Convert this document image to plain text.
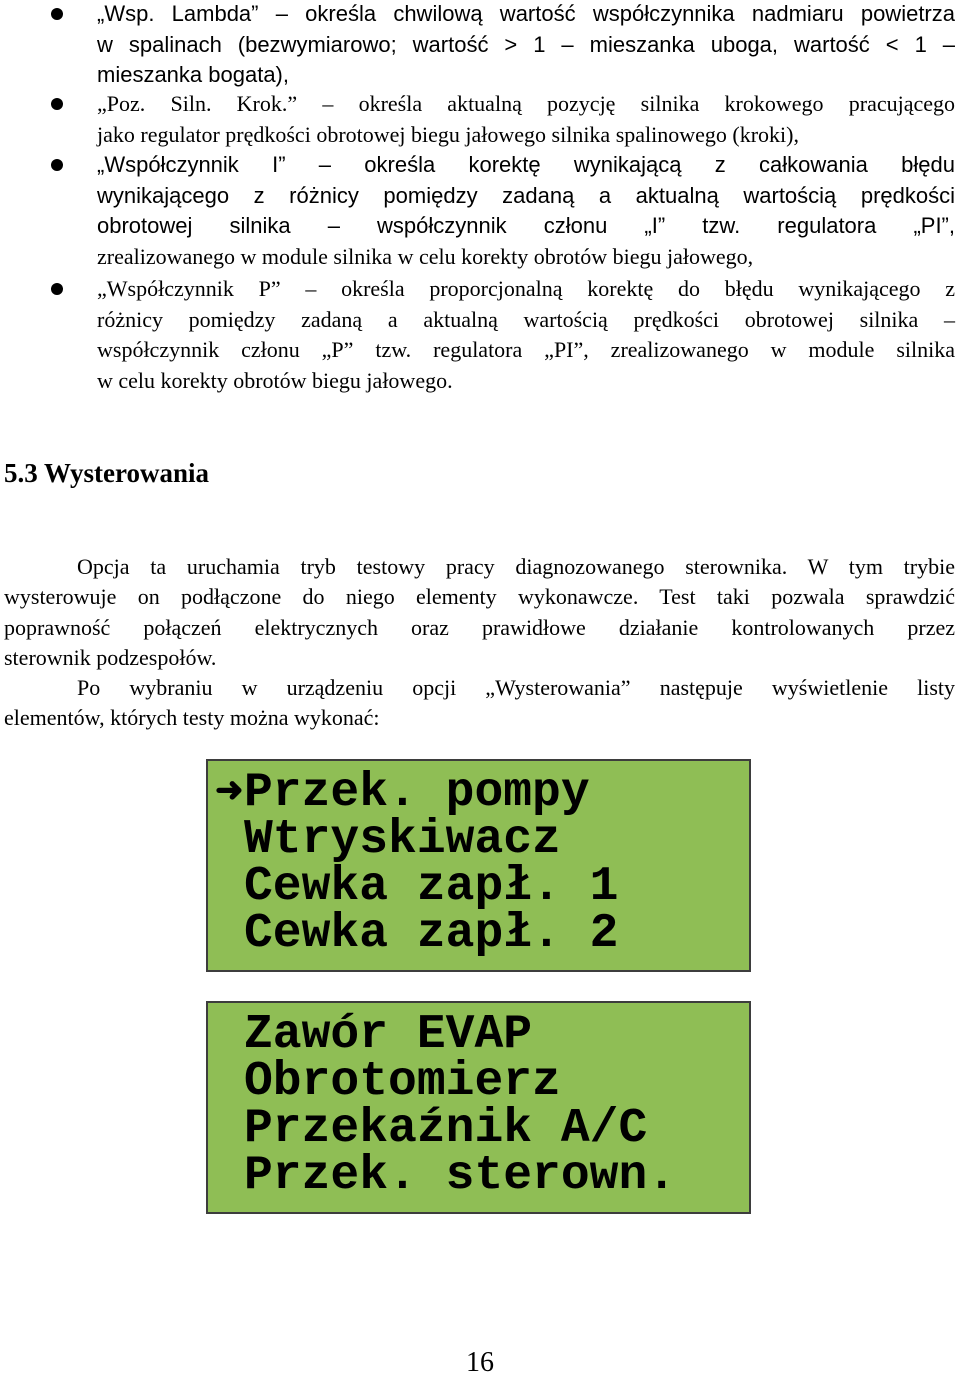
„Wsp. Lambda” – określa chwilową wartość współczynnika nadmiaru powietrza
w spalinach (bezwymiarowo; wartość > 1 – mieszanka uboga, wartość < 1 –
mieszanka bogata),
„Poz. Siln. Krok.” – określa aktualną pozycję silnika krokowego pracującego
jako regulator prędkości obrotowej biegu jałowego silnika spalinowego (kroki),
„Współczynnik I” – określa korektę wynikającą z całkowania błędu
wynikającego z różnicy pomiędzy zadaną a aktualną wartością prędkości
obrotowej silnika – współczynnik członu „I” tzw. regulatora „PI”,
zrealizowanego w module silnika w celu korekty obrotów biegu jałowego,
„Współczynnik P” – określa proporcjonalną korektę do błędu wynikającego z
różnicy pomiędzy zadaną a aktualną wartością prędkości obrotowej silnika –
współczynnik członu „P” tzw. regulatora „PI”, zrealizowanego w module silnika
w celu korekty obrotów biegu jałowego.
5.3 Wysterowania
Opcja ta uruchamia tryb testowy pracy diagnozowanego sterownika. W tym trybie
wysterowuje on podłączone do niego elementy wykonawcze. Test taki pozwala sprawdzić
poprawność połączeń elektrycznych oraz prawidłowe działanie kontrolowanych przez
sterownik podzespołów.
Po wybraniu w urządzeniu opcji „Wysterowania” następuje wyświetlenie listy
elementów, których testy można wykonać:
➜ Przek. pompy
Wtryskiwacz
Cewka zapł. 1
Cewka zapł. 2
Zawór EVAP
Obrotomierz
Przekaźnik A/C
Przek. sterown.
16
